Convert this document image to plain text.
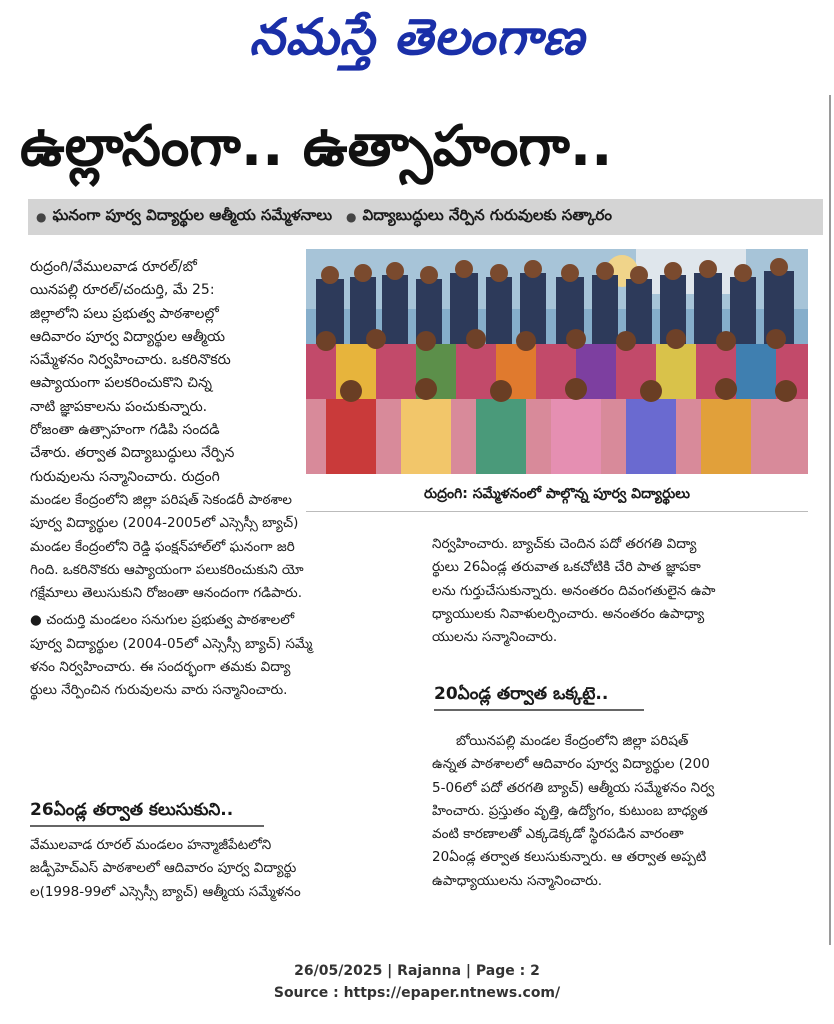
నమస్తే తెలంగాణ
ఉల్లాసంగా.. ఉత్సాహంగా..
● ఘనంగా పూర్వ విద్యార్థుల ఆత్మీయ సమ్మేళనాలు ● విద్యాబుద్ధులు నేర్పిన గురువులకు సత్కారం
రుద్రంగి: సమ్మేళనంలో పాల్గొన్న పూర్వ విద్యార్థులు

రుద్రంగి/వేములవాడ రూరల్/బో

యినపల్లి రూరల్/చందుర్తి, మే 25:

జిల్లాలోని పలు ప్రభుత్వ పాఠశాలల్లో

ఆదివారం పూర్వ విద్యార్థుల ఆత్మీయ

సమ్మేళనం నిర్వహించారు. ఒకరినొకరు

ఆప్యాయంగా పలకరించుకొని చిన్న

నాటి జ్ఞాపకాలను పంచుకున్నారు.

రోజంతా ఉత్సాహంగా గడిపి సందడి

చేశారు. తర్వాత విద్యాబుద్ధులు నేర్పిన

గురువులను సన్మానించారు. రుద్రంగి

మండల కేంద్రంలోని జిల్లా పరిషత్ సెకండరీ పాఠశాల

పూర్వ విద్యార్థుల (2004-2005లో ఎస్సెస్సీ బ్యాచ్)

మండల కేంద్రంలోని రెడ్డి ఫంక్షన్‌హాల్‌లో ఘనంగా జరి

గింది. ఒకరినొకరు ఆప్యాయంగా పలుకరించుకుని యో

గక్షేమాలు తెలుసుకుని రోజంతా ఆనందంగా గడిపారు.

● చందుర్తి మండలం సనుగుల ప్రభుత్వ పాఠశాలలో

పూర్వ విద్యార్థుల (2004-05లో ఎస్సెస్సీ బ్యాచ్) సమ్మే

ళనం నిర్వహించారు. ఈ సందర్భంగా తమకు విద్యా

ర్థులు నేర్పించిన గురువులను వారు సన్మానించారు.

26ఏండ్ల తర్వాత కలుసుకుని..

వేములవాడ రూరల్ మండలం హన్మాజీపేటలోని

జడ్పీహెచ్ఎస్ పాఠశాలలో ఆదివారం పూర్వ విద్యార్థు

ల(1998-99లో ఎస్సెస్సీ బ్యాచ్) ఆత్మీయ సమ్మేళనం

నిర్వహించారు. బ్యాచ్‌కు చెందిన పదో తరగతి విద్యా

ర్థులు 26ఏండ్ల తరువాత ఒకచోటికి చేరి పాత జ్ఞాపకా

లను గుర్తుచేసుకున్నారు. అనంతరం దివంగతులైన ఉపా

ధ్యాయులకు నివాళులర్పించారు. అనంతరం ఉపాధ్యా

యులను సన్మానించారు.

20ఏండ్ల తర్వాత ఒక్కటై..

బోయినపల్లి మండల కేంద్రంలోని జిల్లా పరిషత్

ఉన్నత పాఠశాలలో ఆదివారం పూర్వ విద్యార్థుల (200

5-06లో పదో తరగతి బ్యాచ్) ఆత్మీయ సమ్మేళనం నిర్వ

హించారు. ప్రస్తుతం వృత్తి, ఉద్యోగం, కుటుంబ బాధ్యత

వంటి కారణాలతో ఎక్కడెక్కడో స్థిరపడిన వారంతా

20ఏండ్ల తర్వాత కలుసుకున్నారు. ఆ తర్వాత అప్పటి

ఉపాధ్యాయులను సన్మానించారు.

26/05/2025 | Rajanna | Page : 2
Source : https://epaper.ntnews.com/
